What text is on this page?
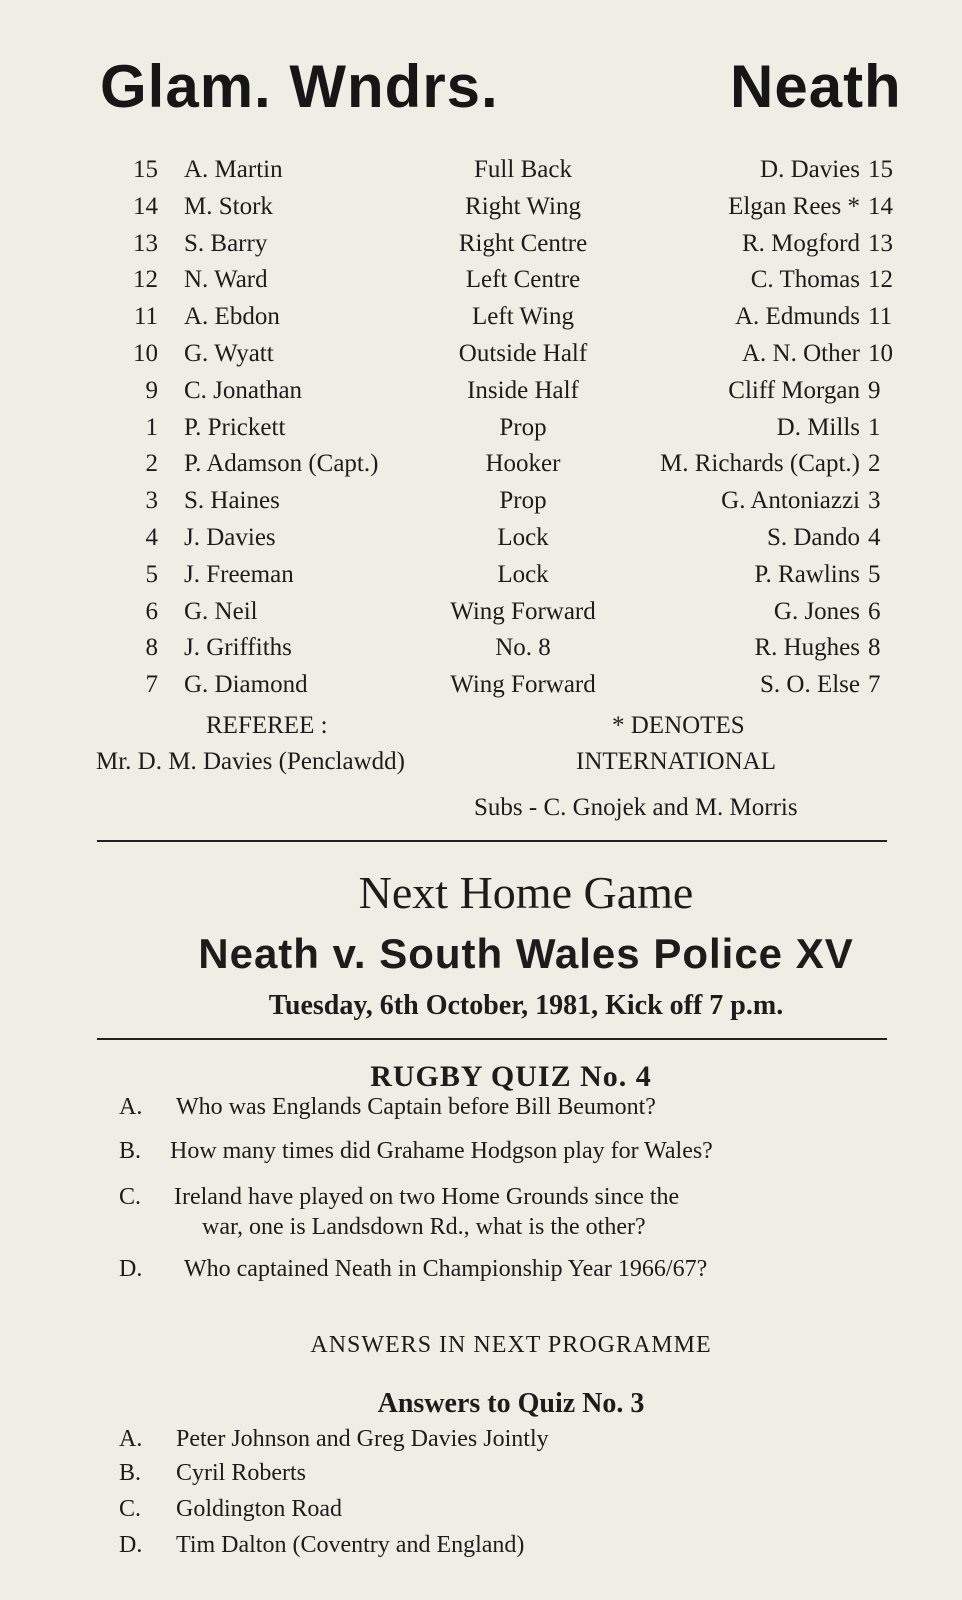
Glam. Wndrs.	Neath
15 A. Martin	Full Back	D. Davies 15
14 M. Stork	Right Wing	Elgan Rees * 14
13 S. Barry	Right Centre	R. Mogford 13
12 N. Ward	Left Centre	C. Thomas 12
11 A. Ebdon	Left Wing	A. Edmunds 11
10 G. Wyatt	Outside Half	A. N. Other 10
9 C. Jonathan	Inside Half	Cliff Morgan 9
1 P. Prickett	Prop	D. Mills 1
2 P. Adamson (Capt.)	Hooker	M. Richards (Capt.) 2
3 S. Haines	Prop	G. Antoniazzi 3
4 J. Davies	Lock	S. Dando 4
5 J. Freeman	Lock	P. Rawlins 5
6 G. Neil	Wing Forward	G. Jones 6
8 J. Griffiths	No. 8	R. Hughes 8
7 G. Diamond	Wing Forward	S. O. Else 7
REFEREE :
Mr. D. M. Davies (Penclawdd)
* DENOTES
INTERNATIONAL
Subs - C. Gnojek and M. Morris
Next Home Game
Neath v. South Wales Police XV
Tuesday, 6th October, 1981, Kick off 7 p.m.
RUGBY QUIZ No. 4
A. Who was Englands Captain before Bill Beumont?
B. How many times did Grahame Hodgson play for Wales?
C. Ireland have played on two Home Grounds since the
war, one is Landsdown Rd., what is the other?
D. Who captained Neath in Championship Year 1966/67?
ANSWERS IN NEXT PROGRAMME
Answers to Quiz No. 3
A. Peter Johnson and Greg Davies Jointly
B. Cyril Roberts
C. Goldington Road
D. Tim Dalton (Coventry and England)
